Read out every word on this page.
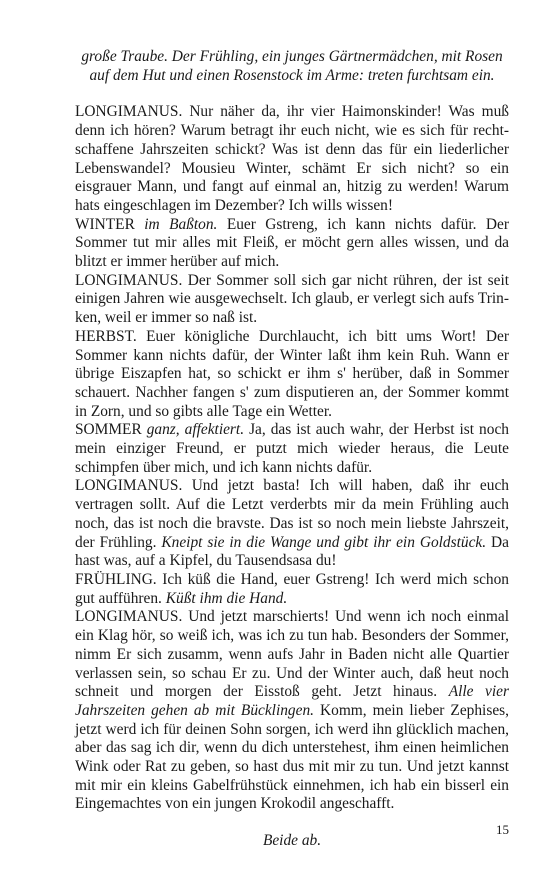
große Traube. Der Frühling, ein junges Gärtnermädchen, mit Rosen auf dem Hut und einen Rosenstock im Arme: treten furchtsam ein.
LONGIMANUS. Nur näher da, ihr vier Haimonskinder! Was muß denn ich hören? Warum betragt ihr euch nicht, wie es sich für rechtschaffene Jahrszeiten schickt? Was ist denn das für ein liederlicher Lebenswandel? Mousieu Winter, schämt Er sich nicht? so ein eisgrauer Mann, und fangt auf einmal an, hitzig zu werden! Warum hats eingeschlagen im Dezember? Ich wills wissen!
WINTER im Baßton. Euer Gstreng, ich kann nichts dafür. Der Sommer tut mir alles mit Fleiß, er möcht gern alles wissen, und da blitzt er immer herüber auf mich.
LONGIMANUS. Der Sommer soll sich gar nicht rühren, der ist seit einigen Jahren wie ausgewechselt. Ich glaub, er verlegt sich aufs Trinken, weil er immer so naß ist.
HERBST. Euer königliche Durchlaucht, ich bitt ums Wort! Der Sommer kann nichts dafür, der Winter laßt ihm kein Ruh. Wann er übrige Eiszapfen hat, so schickt er ihm s' herüber, daß in Sommer schauert. Nachher fangen s' zum disputieren an, der Sommer kommt in Zorn, und so gibts alle Tage ein Wetter.
SOMMER ganz, affektiert. Ja, das ist auch wahr, der Herbst ist noch mein einziger Freund, er putzt mich wieder heraus, die Leute schimpfen über mich, und ich kann nichts dafür.
LONGIMANUS. Und jetzt basta! Ich will haben, daß ihr euch vertragen sollt. Auf die Letzt verderbts mir da mein Frühling auch noch, das ist noch die bravste. Das ist so noch mein liebste Jahrszeit, der Frühling. Kneipt sie in die Wange und gibt ihr ein Goldstück. Da hast was, auf a Kipfel, du Tausendsasa du!
FRÜHLING. Ich küß die Hand, euer Gstreng! Ich werd mich schon gut aufführen. Küßt ihm die Hand.
LONGIMANUS. Und jetzt marschierts! Und wenn ich noch einmal ein Klag hör, so weiß ich, was ich zu tun hab. Besonders der Sommer, nimm Er sich zusamm, wenn aufs Jahr in Baden nicht alle Quartier verlassen sein, so schau Er zu. Und der Winter auch, daß heut noch schneit und morgen der Eisstoß geht. Jetzt hinaus. Alle vier Jahrszeiten gehen ab mit Bücklingen. Komm, mein lieber Zephises, jetzt werd ich für deinen Sohn sorgen, ich werd ihn glücklich machen, aber das sag ich dir, wenn du dich unterstehest, ihm einen heimlichen Wink oder Rat zu geben, so hast dus mit mir zu tun. Und jetzt kannst mit mir ein kleins Gabelfrühstück einnehmen, ich hab ein bisserl ein Eingemachtes von ein jungen Krokodil angeschafft.
Beide ab.
15
